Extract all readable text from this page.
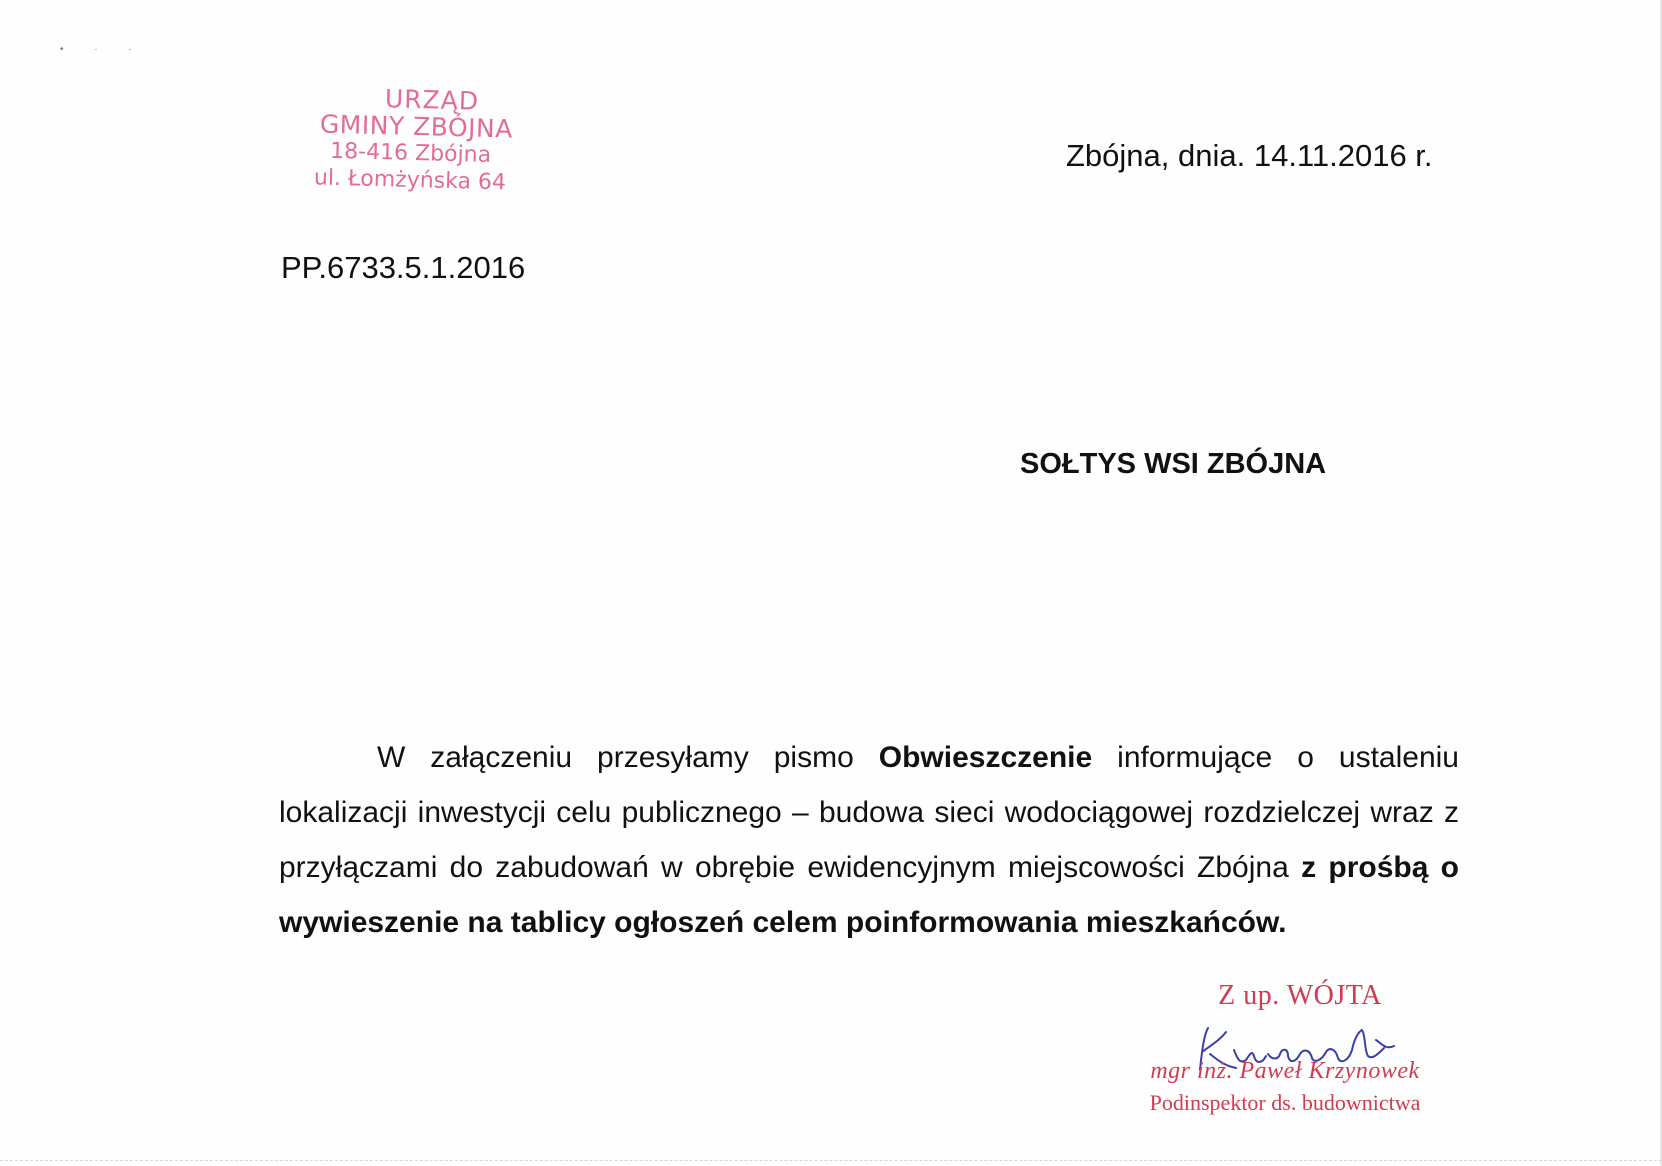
• · ·
URZĄD
GMINY ZBÓJNA
18-416 Zbójna
ul. Łomżyńska 64
Zbójna, dnia. 14.11.2016 r.
PP.6733.5.1.2016
SOŁTYS WSI ZBÓJNA

W załączeniu przesyłamy pismo Obwieszczenie informujące o ustaleniu lokalizacji inwestycji celu publicznego – budowa sieci wodociągowej rozdzielczej wraz z przyłączami do zabudowań w obrębie ewidencyjnym miejscowości Zbójna z prośbą o wywieszenie na tablicy ogłoszeń celem poinformowania mieszkańców.

Z up. WÓJTA
mgr inż. Paweł Krzynowek
Podinspektor ds. budownictwa
